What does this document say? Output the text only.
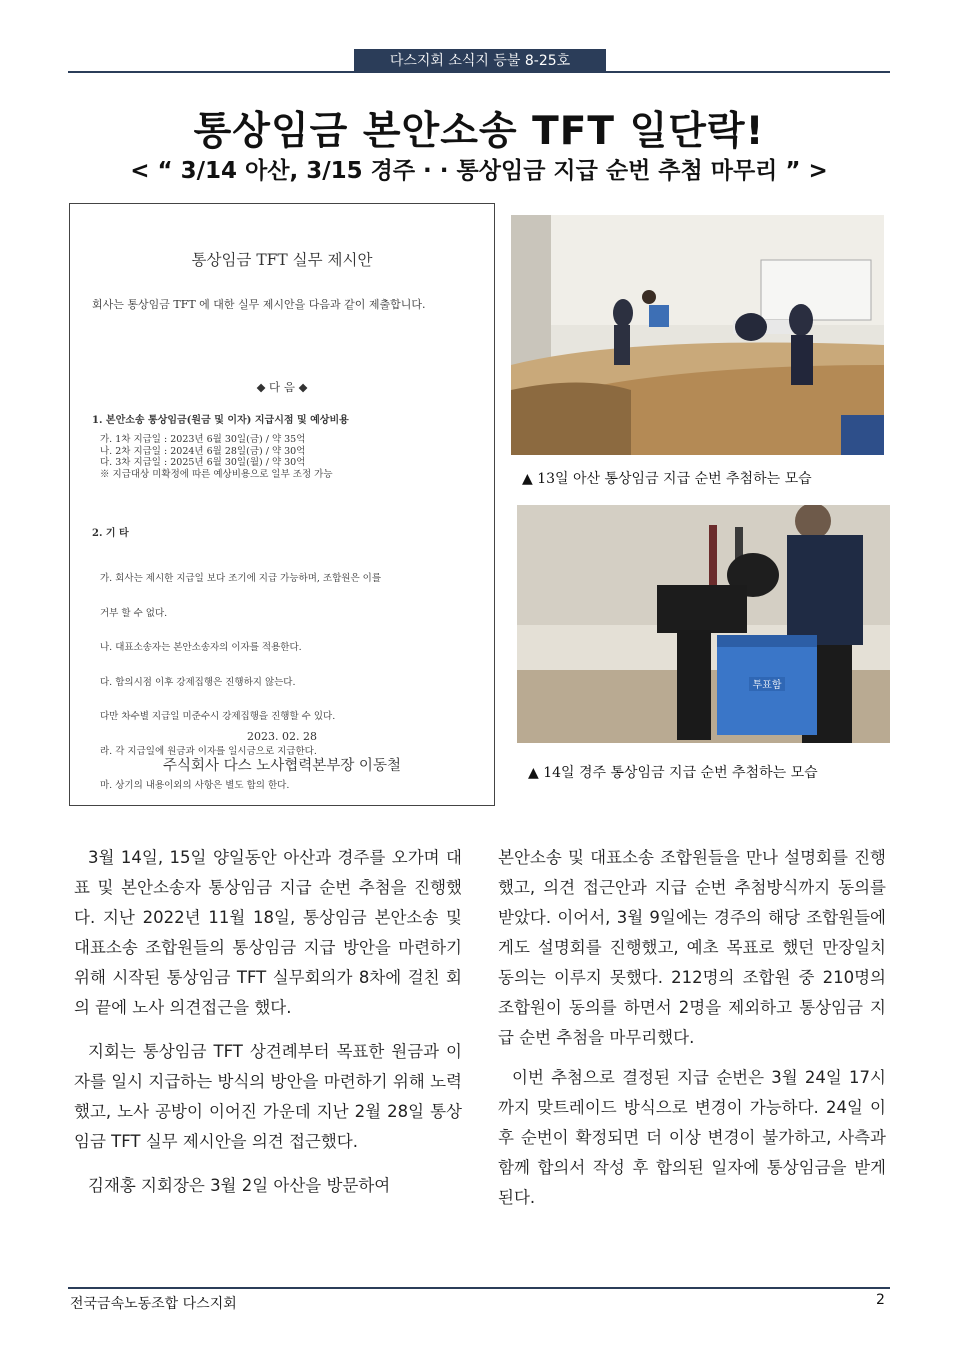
다스지회 소식지 등불 8-25호
통상임금 본안소송 TFT 일단락!
< “ 3/14 아산, 3/15 경주 · · 통상임금 지급 순번 추첨 마무리 ” >
통상임금 TFT 실무 제시안
회사는 통상임금 TFT 에 대한 실무 제시안을 다음과 같이 제출합니다.
◆ 다 음 ◆
1. 본안소송 통상임금(원금 및 이자) 지급시점 및 예상비용
가. 1차 지급일 : 2023년 6월 30일(금) / 약 35억
나. 2차 지급일 : 2024년 6월 28일(금) / 약 30억
다. 3차 지급일 : 2025년 6월 30일(월) / 약 30억
※ 지급대상 미확정에 따른 예상비용으로 일부 조정 가능
2. 기 타

가. 회사는 제시한 지급일 보다 조기에 지급 가능하며, 조합원은 이를

거부 할 수 없다.

나. 대표소송자는 본안소송자의 이자를 적용한다.

다. 합의시점 이후 강제집행은 진행하지 않는다.

다만 차수별 지급일 미준수시 강제집행을 진행할 수 있다.

라. 각 지급일에 원금과 이자를 일시금으로 지급한다.

마. 상기의 내용이외의 사항은 별도 합의 한다.

2023. 02. 28
주식회사 다스 노사협력본부장 이동철
▲ 13일 아산 통상임금 지급 순번 추첨하는 모습
투표함
▲ 14일 경주 통상임금 지급 순번 추첨하는 모습

3월 14일, 15일 양일동안 아산과 경주를 오가며 대표 및 본안소송자 통상임금 지급 순번 추첨을 진행했다. 지난 2022년 11월 18일, 통상임금 본안소송 및 대표소송 조합원들의 통상임금 지급 방안을 마련하기 위해 시작된 통상임금 TFT 실무회의가 8차에 걸친 회의 끝에 노사 의견접근을 했다.

지회는 통상임금 TFT 상견례부터 목표한 원금과 이자를 일시 지급하는 방식의 방안을 마련하기 위해 노력했고, 노사 공방이 이어진 가운데 지난 2월 28일 통상임금 TFT 실무 제시안을 의견 접근했다.

김재홍 지회장은 3월 2일 아산을 방문하여

본안소송 및 대표소송 조합원들을 만나 설명회를 진행했고, 의견 접근안과 지급 순번 추첨방식까지 동의를 받았다. 이어서, 3월 9일에는 경주의 해당 조합원들에게도 설명회를 진행했고, 예초 목표로 했던 만장일치 동의는 이루지 못했다. 212명의 조합원 중 210명의 조합원이 동의를 하면서 2명을 제외하고 통상임금 지급 순번 추첨을 마무리했다.

이번 추첨으로 결정된 지급 순번은 3월 24일 17시까지 맞트레이드 방식으로 변경이 가능하다. 24일 이후 순번이 확정되면 더 이상 변경이 불가하고, 사측과 함께 합의서 작성 후 합의된 일자에 통상임금을 받게 된다.

전국금속노동조합 다스지회	2
